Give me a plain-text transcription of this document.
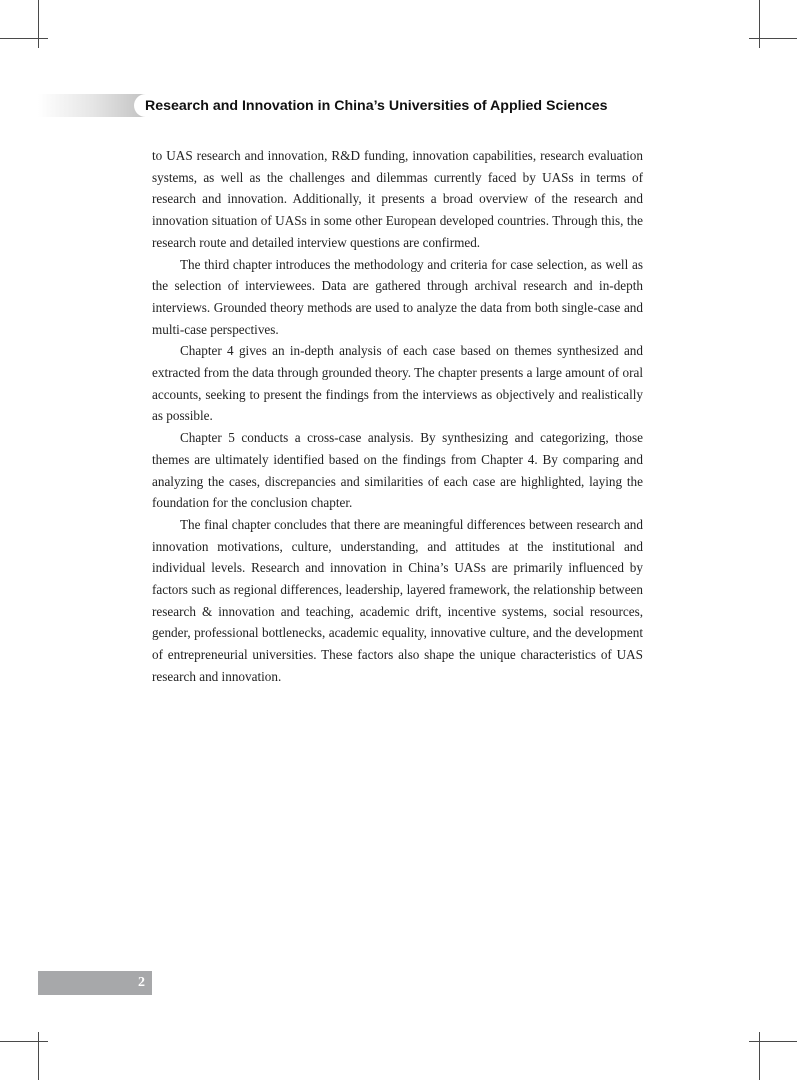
Research and Innovation in China’s Universities of Applied Sciences

to UAS research and innovation, R&D funding, innovation capabilities, research evaluation systems, as well as the challenges and dilemmas currently faced by UASs in terms of research and innovation. Additionally, it presents a broad overview of the research and innovation situation of UASs in some other European developed countries. Through this, the research route and detailed interview questions are confirmed.

The third chapter introduces the methodology and criteria for case selection, as well as the selection of interviewees. Data are gathered through archival research and in-depth interviews. Grounded theory methods are used to analyze the data from both single-case and multi-case perspectives.

Chapter 4 gives an in-depth analysis of each case based on themes synthesized and extracted from the data through grounded theory. The chapter presents a large amount of oral accounts, seeking to present the findings from the interviews as objectively and realistically as possible.

Chapter 5 conducts a cross-case analysis. By synthesizing and categorizing, those themes are ultimately identified based on the findings from Chapter 4. By comparing and analyzing the cases, discrepancies and similarities of each case are highlighted, laying the foundation for the conclusion chapter.

The final chapter concludes that there are meaningful differences between research and innovation motivations, culture, understanding, and attitudes at the institutional and individual levels. Research and innovation in China’s UASs are primarily influenced by factors such as regional differences, leadership, layered framework, the relationship between research & innovation and teaching, academic drift, incentive systems, social resources, gender, professional bottlenecks, academic equality, innovative culture, and the development of entrepreneurial universities. These factors also shape the unique characteristics of UAS research and innovation.

2
